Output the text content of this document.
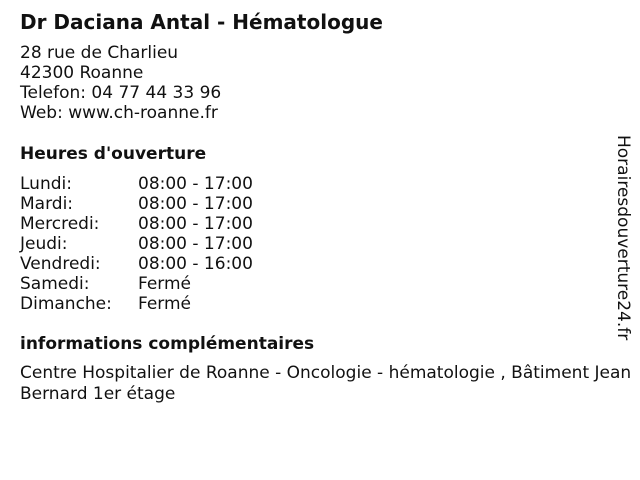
Dr Daciana Antal - Hématologue
28 rue de Charlieu
42300 Roanne
Telefon: 04 77 44 33 96
Web: www.ch-roanne.fr
Heures d'ouverture
Lundi:	08:00 - 17:00
Mardi:	08:00 - 17:00
Mercredi: 08:00 - 17:00
Jeudi:	08:00 - 17:00
Vendredi: 08:00 - 16:00
Samedi:	Fermé
Dimanche: Fermé
informations complémentaires
Centre Hospitalier de Roanne - Oncologie - hématologie , Bâtiment Jean Bernard 1er étage
Horairesdouverture24.fr
